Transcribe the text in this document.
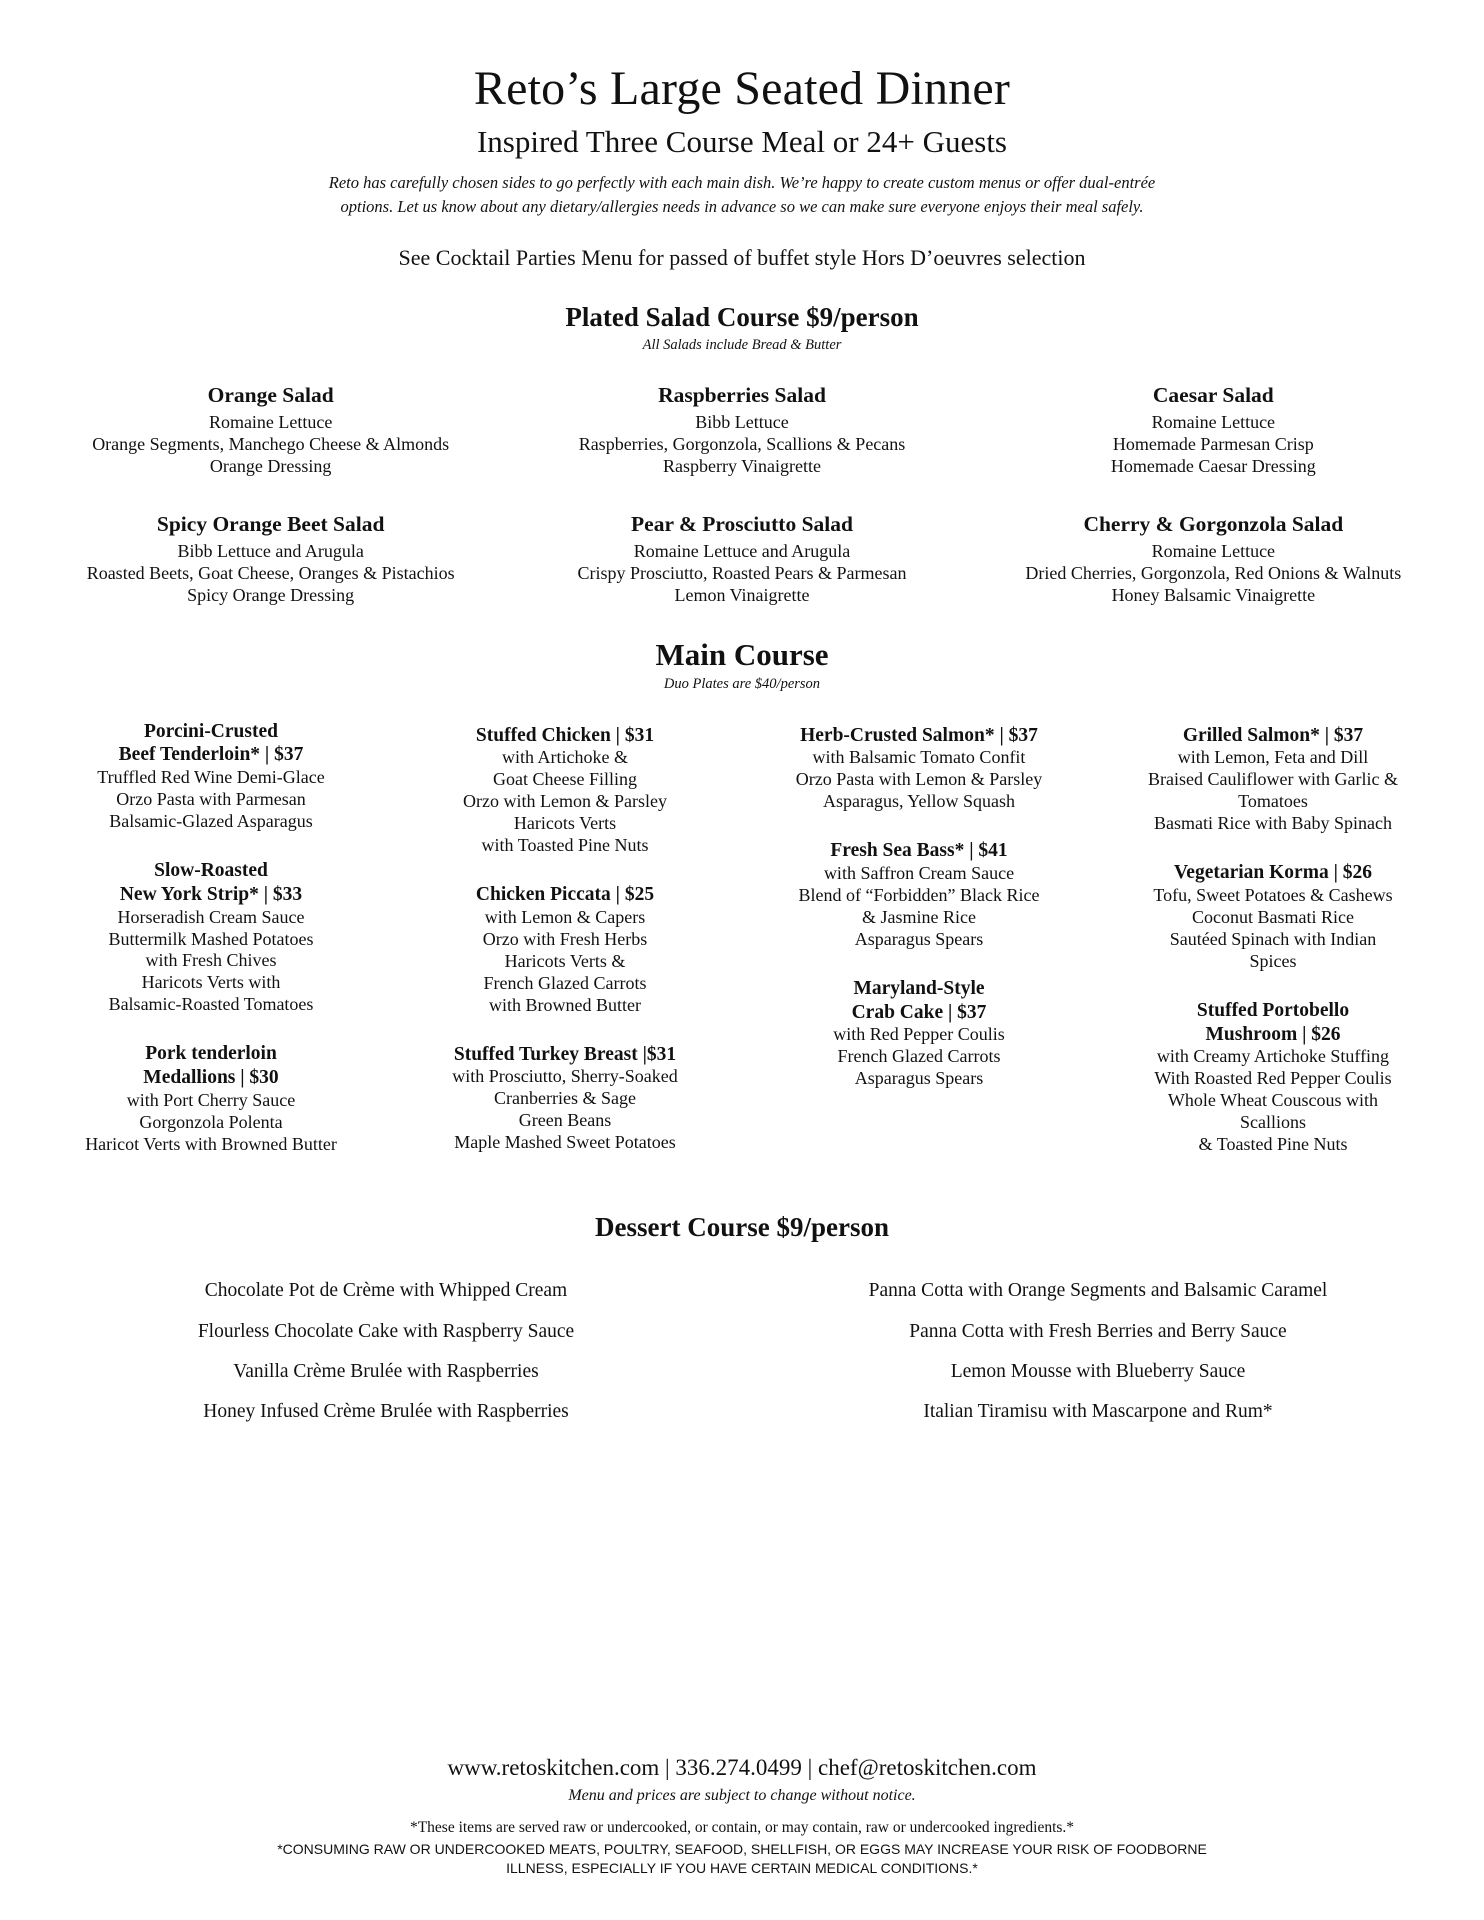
Reto’s Large Seated Dinner
Inspired Three Course Meal or 24+ Guests

Reto has carefully chosen sides to go perfectly with each main dish. We’re happy to create custom menus or offer dual-entrée
options. Let us know about any dietary/allergies needs in advance so we can make sure everyone enjoys their meal safely.

See Cocktail Parties Menu for passed of buffet style Hors D’oeuvres selection
Plated Salad Course $9/person
All Salads include Bread & Butter
Orange Salad
Romaine Lettuce
Orange Segments, Manchego Cheese & Almonds
Orange Dressing
Raspberries Salad
Bibb Lettuce
Raspberries, Gorgonzola, Scallions & Pecans
Raspberry Vinaigrette
Caesar Salad
Romaine Lettuce
Homemade Parmesan Crisp
Homemade Caesar Dressing
Spicy Orange Beet Salad
Bibb Lettuce and Arugula
Roasted Beets, Goat Cheese, Oranges & Pistachios
Spicy Orange Dressing
Pear & Prosciutto Salad
Romaine Lettuce and Arugula
Crispy Prosciutto, Roasted Pears & Parmesan
Lemon Vinaigrette
Cherry & Gorgonzola Salad
Romaine Lettuce
Dried Cherries, Gorgonzola, Red Onions & Walnuts
Honey Balsamic Vinaigrette
Main Course
Duo Plates are $40/person
Porcini-Crusted
Beef Tenderloin* | $37
Truffled Red Wine Demi-Glace
Orzo Pasta with Parmesan
Balsamic-Glazed Asparagus
Slow-Roasted
New York Strip* | $33
Horseradish Cream Sauce
Buttermilk Mashed Potatoes
with Fresh Chives
Haricots Verts with
Balsamic-Roasted Tomatoes
Pork tenderloin
Medallions | $30
with Port Cherry Sauce
Gorgonzola Polenta
Haricot Verts with Browned Butter
Stuffed Chicken | $31
with Artichoke &
Goat Cheese Filling
Orzo with Lemon & Parsley
Haricots Verts
with Toasted Pine Nuts
Chicken Piccata | $25
with Lemon & Capers
Orzo with Fresh Herbs
Haricots Verts &
French Glazed Carrots
with Browned Butter
Stuffed Turkey Breast |$31
with Prosciutto, Sherry-Soaked
Cranberries & Sage
Green Beans
Maple Mashed Sweet Potatoes
Herb-Crusted Salmon* | $37
with Balsamic Tomato Confit
Orzo Pasta with Lemon & Parsley
Asparagus, Yellow Squash
Fresh Sea Bass* | $41
with Saffron Cream Sauce
Blend of “Forbidden” Black Rice
& Jasmine Rice
Asparagus Spears
Maryland-Style
Crab Cake | $37
with Red Pepper Coulis
French Glazed Carrots
Asparagus Spears
Grilled Salmon* | $37
with Lemon, Feta and Dill
Braised Cauliflower with Garlic &
Tomatoes
Basmati Rice with Baby Spinach
Vegetarian Korma | $26
Tofu, Sweet Potatoes & Cashews
Coconut Basmati Rice
Sautéed Spinach with Indian
Spices
Stuffed Portobello
Mushroom | $26
with Creamy Artichoke Stuffing
With Roasted Red Pepper Coulis
Whole Wheat Couscous with
Scallions
& Toasted Pine Nuts
Dessert Course $9/person
Chocolate Pot de Crème with Whipped Cream
Flourless Chocolate Cake with Raspberry Sauce
Vanilla Crème Brulée with Raspberries
Honey Infused Crème Brulée with Raspberries
Panna Cotta with Orange Segments and Balsamic Caramel
Panna Cotta with Fresh Berries and Berry Sauce
Lemon Mousse with Blueberry Sauce
Italian Tiramisu with Mascarpone and Rum*
www.retoskitchen.com | 336.274.0499 | chef@retoskitchen.com
Menu and prices are subject to change without notice.
*These items are served raw or undercooked, or contain, or may contain, raw or undercooked ingredients.*
*CONSUMING RAW OR UNDERCOOKED MEATS, POULTRY, SEAFOOD, SHELLFISH, OR EGGS MAY INCREASE YOUR RISK OF FOODBORNE
ILLNESS, ESPECIALLY IF YOU HAVE CERTAIN MEDICAL CONDITIONS.*
